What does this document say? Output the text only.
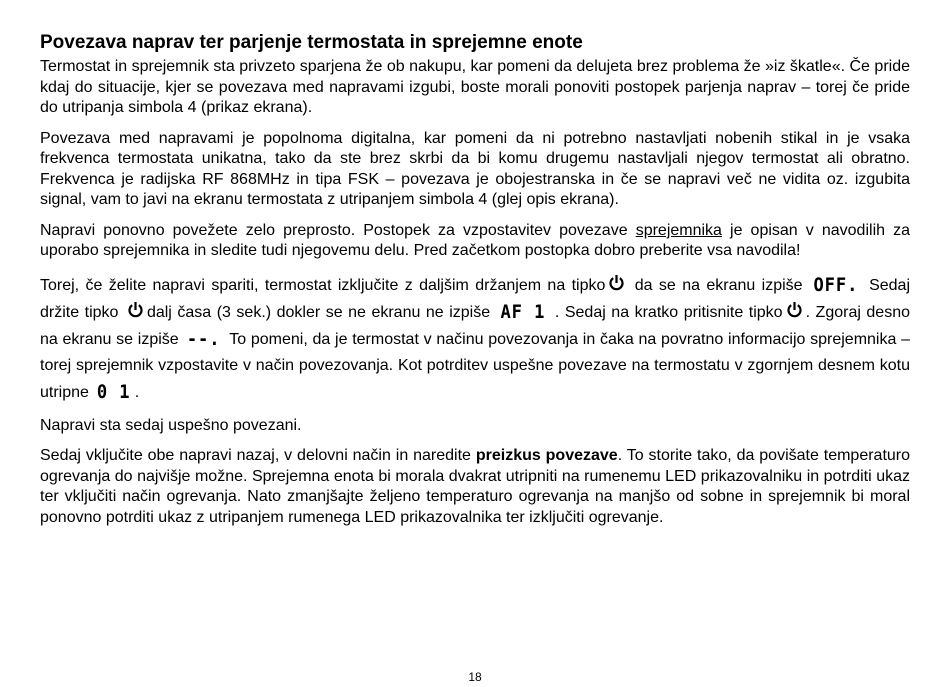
Povezava naprav ter parjenje termostata in sprejemne enote

Termostat in sprejemnik sta privzeto sparjena že ob nakupu, kar pomeni da delujeta brez problema že »iz škatle«. Če pride kdaj do situacije, kjer se povezava med napravami izgubi, boste morali ponoviti postopek parjenja naprav – torej če pride do utripanja simbola 4 (prikaz ekrana).

Povezava med napravami je popolnoma digitalna, kar pomeni da ni potrebno nastavljati nobenih stikal in je vsaka frekvenca termostata unikatna, tako da ste brez skrbi da bi komu drugemu nastavljali njegov termostat ali obratno. Frekvenca je radijska RF 868MHz in tipa FSK – povezava je obojestranska in če se napravi več ne vidita oz. izgubita signal, vam to javi na ekranu termostata z utripanjem simbola 4 (glej opis ekrana).

Napravi ponovno povežete zelo preprosto. Postopek za vzpostavitev povezave sprejemnika je opisan v navodilih za uporabo sprejemnika in sledite tudi njegovemu delu. Pred začetkom postopka dobro preberite vsa navodila!

Torej, če želite napravi spariti, termostat izključite z daljšim držanjem na tipko
da se na ekranu izpiše OFF. Sedaj držite tipko
dalj časa (3 sek.) dokler se ne ekranu ne izpiše AF 1 . Sedaj na kratko pritisnite tipko . Zgoraj desno na ekranu se izpiše --. To pomeni, da je termostat v načinu povezovanja in čaka na povratno informacijo sprejemnika – torej sprejemnik vzpostavite v način povezovanja. Kot potrditev uspešne povezave na termostatu v zgornjem desnem kotu utripne 0 1 .

Napravi sta sedaj uspešno povezani.

Sedaj vključite obe napravi nazaj, v delovni način in naredite preizkus povezave. To storite tako, da povišate temperaturo ogrevanja do najvišje možne. Sprejemna enota bi morala dvakrat utripniti na rumenemu LED prikazovalniku in potrditi ukaz ter vključiti način ogrevanja. Nato zmanjšajte željeno temperaturo ogrevanja na manjšo od sobne in sprejemnik bi moral ponovno potrditi ukaz z utripanjem rumenega LED prikazovalnika ter izključiti ogrevanje.

18
